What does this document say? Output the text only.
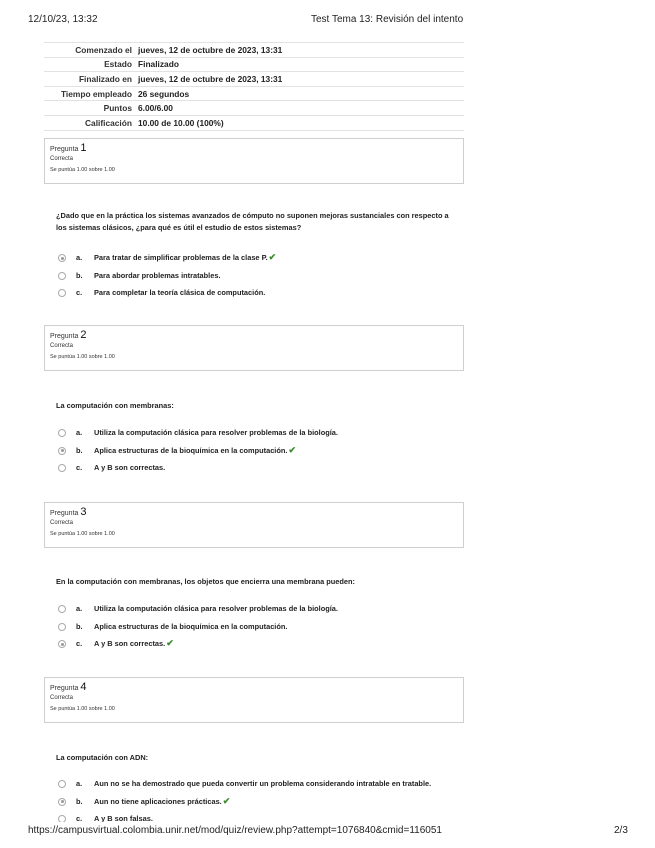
12/10/23, 13:32	Test Tema 13: Revisión del intento
Comenzado el	jueves, 12 de octubre de 2023, 13:31
Estado	Finalizado
Finalizado en	jueves, 12 de octubre de 2023, 13:31
Tiempo empleado	26 segundos
Puntos	6.00/6.00
Calificación	10.00 de 10.00 (100%)
Pregunta 1
Correcta
Se puntúa 1.00 sobre 1.00
¿Dado que en la práctica los sistemas avanzados de cómputo no suponen mejoras sustanciales con respecto a los sistemas clásicos, ¿para qué es útil el estudio de estos sistemas?
a.	Para tratar de simplificar problemas de la clase P. ✔
b.	Para abordar problemas intratables.
c.	Para completar la teoría clásica de computación.
Pregunta 2
Correcta
Se puntúa 1.00 sobre 1.00
La computación con membranas:
a.	Utiliza la computación clásica para resolver problemas de la biología.
b.	Aplica estructuras de la bioquímica en la computación. ✔
c.	A y B son correctas.
Pregunta 3
Correcta
Se puntúa 1.00 sobre 1.00
En la computación con membranas, los objetos que encierra una membrana pueden:
a.	Utiliza la computación clásica para resolver problemas de la biología.
b.	Aplica estructuras de la bioquímica en la computación.
c.	A y B son correctas. ✔
Pregunta 4
Correcta
Se puntúa 1.00 sobre 1.00
La computación con ADN:
a.	Aun no se ha demostrado que pueda convertir un problema considerando intratable en tratable.
b.	Aun no tiene aplicaciones prácticas. ✔
c.	A y B son falsas.
https://campusvirtual.colombia.unir.net/mod/quiz/review.php?attempt=1076840&cmid=116051	2/3
